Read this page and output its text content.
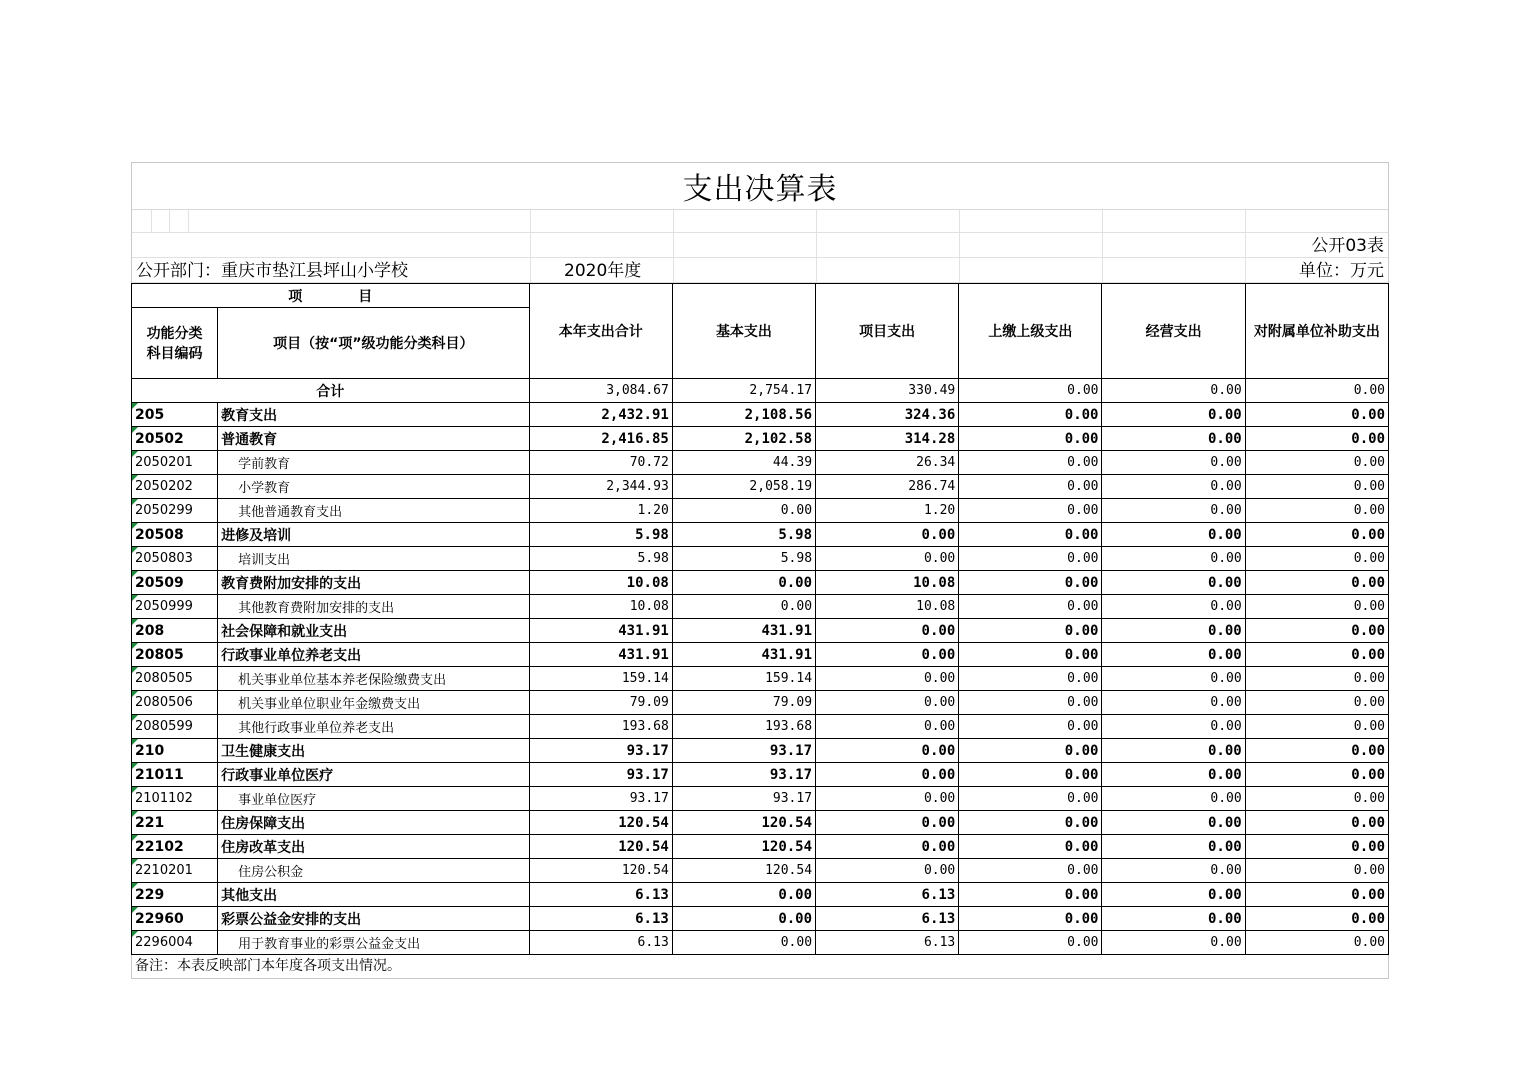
支出决算表
公开03表
公开部门：重庆市垫江县坪山小学校	2020年度	单位：万元
项　　　　目		本年支出合计	基本支出	项目支出	上缴上级支出	经营支出	对附属单位补助支出
功能分类科目编码	项目（按“项”级功能分类科目）						
合计		3,084.67	2,754.17	330.49	0.00	0.00	0.00
205	教育支出	2,432.91	2,108.56	324.36	0.00	0.00	0.00
20502	普通教育	2,416.85	2,102.58	314.28	0.00	0.00	0.00
2050201	学前教育	70.72	44.39	26.34	0.00	0.00	0.00
2050202	小学教育	2,344.93	2,058.19	286.74	0.00	0.00	0.00
2050299	其他普通教育支出	1.20	0.00	1.20	0.00	0.00	0.00
20508	进修及培训	5.98	5.98	0.00	0.00	0.00	0.00
2050803	培训支出	5.98	5.98	0.00	0.00	0.00	0.00
20509	教育费附加安排的支出	10.08	0.00	10.08	0.00	0.00	0.00
2050999	其他教育费附加安排的支出	10.08	0.00	10.08	0.00	0.00	0.00
208	社会保障和就业支出	431.91	431.91	0.00	0.00	0.00	0.00
20805	行政事业单位养老支出	431.91	431.91	0.00	0.00	0.00	0.00
2080505	机关事业单位基本养老保险缴费支出	159.14	159.14	0.00	0.00	0.00	0.00
2080506	机关事业单位职业年金缴费支出	79.09	79.09	0.00	0.00	0.00	0.00
2080599	其他行政事业单位养老支出	193.68	193.68	0.00	0.00	0.00	0.00
210	卫生健康支出	93.17	93.17	0.00	0.00	0.00	0.00
21011	行政事业单位医疗	93.17	93.17	0.00	0.00	0.00	0.00
2101102	事业单位医疗	93.17	93.17	0.00	0.00	0.00	0.00
221	住房保障支出	120.54	120.54	0.00	0.00	0.00	0.00
22102	住房改革支出	120.54	120.54	0.00	0.00	0.00	0.00
2210201	住房公积金	120.54	120.54	0.00	0.00	0.00	0.00
229	其他支出	6.13	0.00	6.13	0.00	0.00	0.00
22960	彩票公益金安排的支出	6.13	0.00	6.13	0.00	0.00	0.00
2296004	用于教育事业的彩票公益金支出	6.13	0.00	6.13	0.00	0.00	0.00
备注：本表反映部门本年度各项支出情况。
